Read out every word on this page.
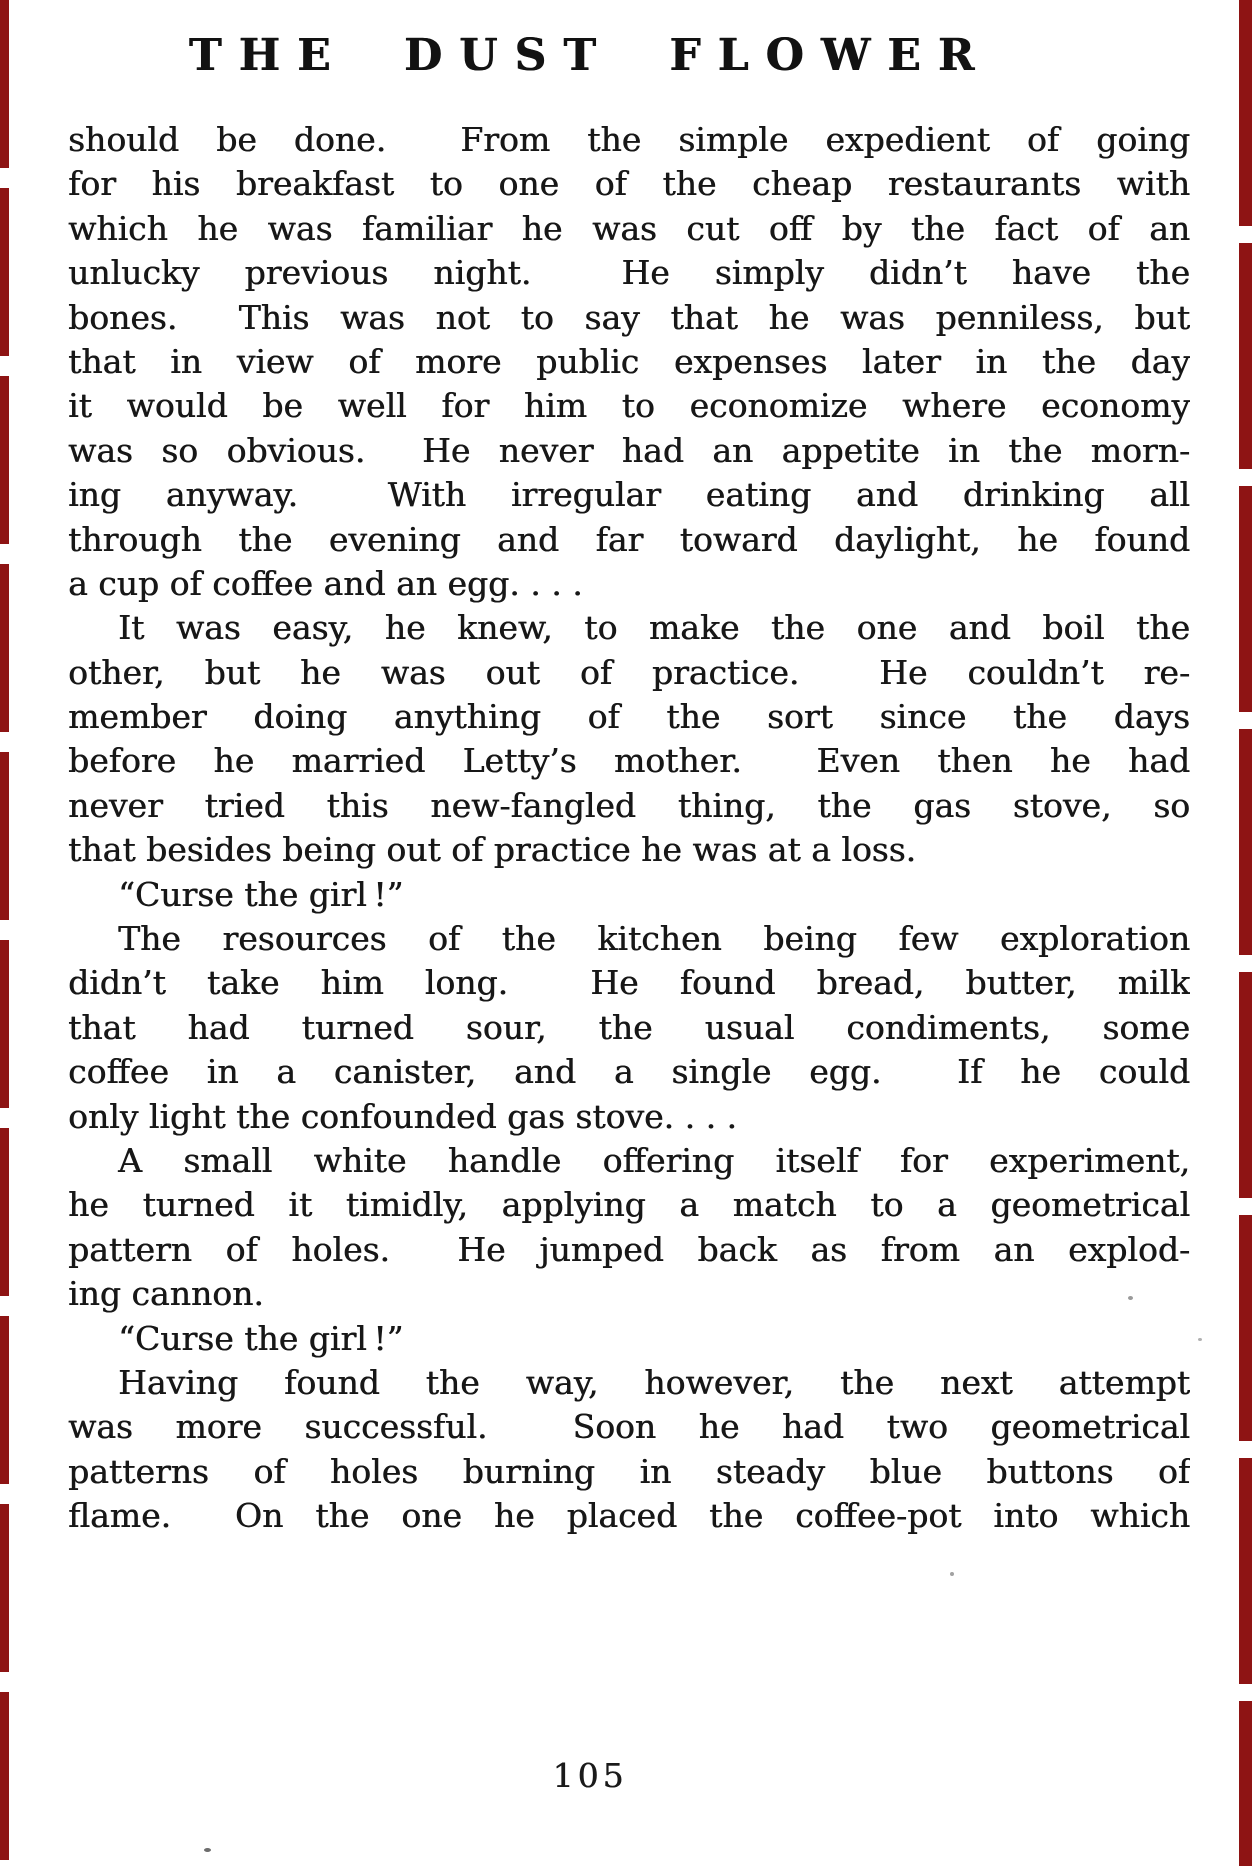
THE DUST FLOWER
should be done.  From the simple expedient of going
for his breakfast to one of the cheap restaurants with
which he was familiar he was cut off by the fact of an
unlucky previous night.  He simply didn’t have the
bones.  This was not to say that he was penniless, but
that in view of more public expenses later in the day
it would be well for him to economize where economy
was so obvious.  He never had an appetite in the morn-
ing anyway.  With irregular eating and drinking all
through the evening and far toward daylight, he found
a cup of coffee and an egg. . . .
It was easy, he knew, to make the one and boil the
other, but he was out of practice.  He couldn’t re-
member doing anything of the sort since the days
before he married Letty’s mother.  Even then he had
never tried this new-fangled thing, the gas stove, so
that besides being out of practice he was at a loss.
“Curse the girl !”
The resources of the kitchen being few exploration
didn’t take him long.  He found bread, butter, milk
that had turned sour, the usual condiments, some
coffee in a canister, and a single egg.  If he could
only light the confounded gas stove. . . .
A small white handle offering itself for experiment,
he turned it timidly, applying a match to a geometrical
pattern of holes.  He jumped back as from an explod-
ing cannon.
“Curse the girl !”
Having found the way, however, the next attempt
was more successful.  Soon he had two geometrical
patterns of holes burning in steady blue buttons of
flame.  On the one he placed the coffee-pot into which
105
